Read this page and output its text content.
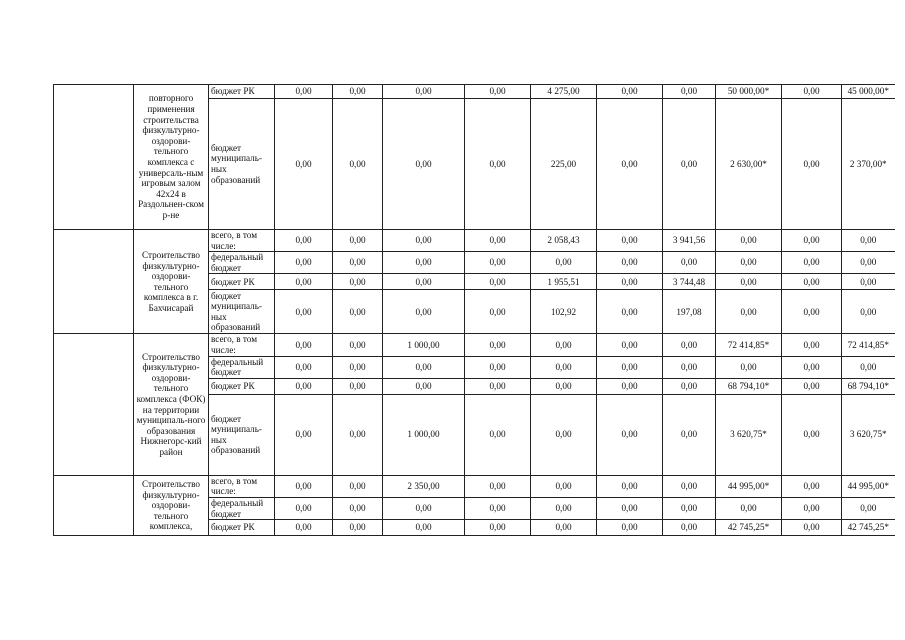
	повторного применения строительства физкультурно-оздорови-тельного комплекса с универсаль-ным игровым залом 42х24 в Раздольнен-ском р-не	бюджет РК	0,00	0,00	0,00	0,00	4 275,00	0,00	0,00	50 000,00*	0,00	45 000,00*
		бюджет муниципаль-ных образований	0,00	0,00	0,00	0,00	225,00	0,00	0,00	2 630,00*	0,00	2 370,00*

	Строительство физкультурно-оздорови-тельного комплекса в г. Бахчисарай	всего, в том числе:	0,00	0,00	0,00	0,00	2 058,43	0,00	3 941,56	0,00	0,00	0,00
		федеральный бюджет	0,00	0,00	0,00	0,00	0,00	0,00	0,00	0,00	0,00	0,00
		бюджет РК	0,00	0,00	0,00	0,00	1 955,51	0,00	3 744,48	0,00	0,00	0,00
		бюджет муниципаль-ных образований	0,00	0,00	0,00	0,00	102,92	0,00	197,08	0,00	0,00	0,00

	Строительство физкультурно-оздорови-тельного комплекса (ФОК) на территории муниципаль-ного образования Нижнегорс-кий район	всего, в том числе:	0,00	0,00	1 000,00	0,00	0,00	0,00	0,00	72 414,85*	0,00	72 414,85*
		федеральный бюджет	0,00	0,00	0,00	0,00	0,00	0,00	0,00	0,00	0,00	0,00
		бюджет РК	0,00	0,00	0,00	0,00	0,00	0,00	0,00	68 794,10*	0,00	68 794,10*
		бюджет муниципаль-ных образований	0,00	0,00	1 000,00	0,00	0,00	0,00	0,00	3 620,75*	0,00	3 620,75*

	Строительство физкультурно-оздорови-тельного комплекса,	всего, в том числе:	0,00	0,00	2 350,00	0,00	0,00	0,00	0,00	44 995,00*	0,00	44 995,00*
		федеральный бюджет	0,00	0,00	0,00	0,00	0,00	0,00	0,00	0,00	0,00	0,00
		бюджет РК	0,00	0,00	0,00	0,00	0,00	0,00	0,00	42 745,25*	0,00	42 745,25*
